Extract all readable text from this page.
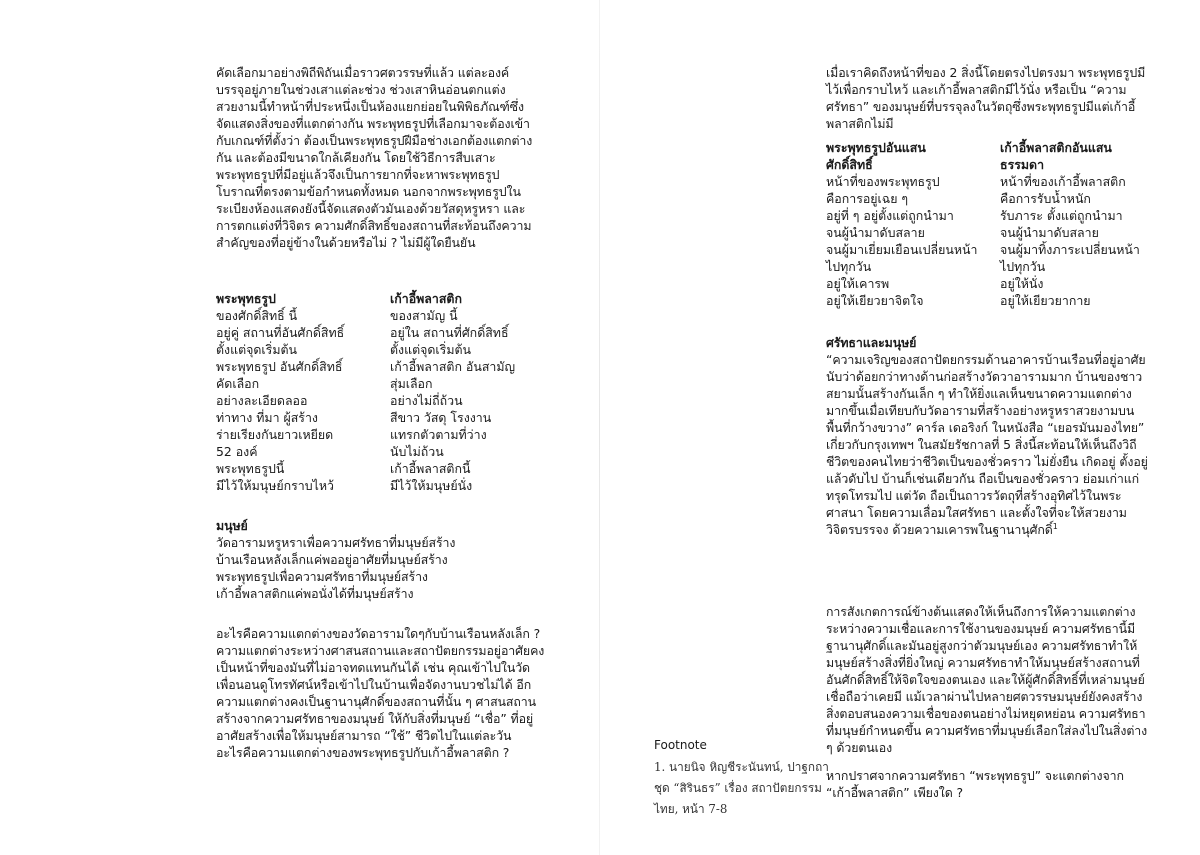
คัดเลือกมาอย่างพิถีพิถันเมื่อราวศตวรรษที่แล้ว แต่ละองค์บรรจุอยู่ภายในช่วงเสาแต่ละช่วง ช่วงเสาหินอ่อนตกแต่งสวยงามนี้ทำหน้าที่ประหนึ่งเป็นห้องแยกย่อยในพิพิธภัณฑ์ซึ่งจัดแสดงสิ่งของที่แตกต่างกัน พระพุทธรูปที่เลือกมาจะต้องเข้ากับเกณฑ์ที่ตั้งว่า ต้องเป็นพระพุทธรูปฝีมือช่างเอกต้องแตกต่างกัน และต้องมีขนาดใกล้เคียงกัน โดยใช้วิธีการสืบเสาะพระพุทธรูปที่มีอยู่แล้วจึงเป็นการยากที่จะหาพระพุทธรูปโบราณที่ตรงตามข้อกำหนดทั้งหมด นอกจากพระพุทธรูปในระเบียงห้องแสดงยังนี้จัดแสดงตัวมันเองด้วยวัสดุหรูหรา และการตกแต่งที่วิจิตร ความศักดิ์สิทธิ์ของสถานที่สะท้อนถึงความสำคัญของที่อยู่ข้างในด้วยหรือไม่ ? ไม่มีผู้ใดยืนยัน

พระพุทธรูป
ของศักดิ์สิทธิ์ นี้
อยู่คู่ สถานที่อันศักดิ์สิทธิ์
ตั้งแต่จุดเริ่มต้น
พระพุทธรูป อันศักดิ์สิทธิ์
คัดเลือก
อย่างละเอียดลออ
ท่าทาง ที่มา ผู้สร้าง
ร่ายเรียงกันยาวเหยียด
52 องค์
พระพุทธรูปนี้
มีไว้ให้มนุษย์กราบไหว้
เก้าอี้พลาสติก
ของสามัญ นี้
อยู่ใน สถานที่ศักดิ์สิทธิ์
ตั้งแต่จุดเริ่มต้น
เก้าอี้พลาสติก อันสามัญ
สุ่มเลือก
อย่างไม่ถี่ถ้วน
สีขาว วัสดุ โรงงาน
แทรกตัวตามที่ว่าง
นับไม่ถ้วน
เก้าอี้พลาสติกนี้
มีไว้ให้มนุษย์นั่ง

มนุษย์

วัดอารามหรูหราเพื่อความศรัทธาที่มนุษย์สร้าง

บ้านเรือนหลังเล็กแค่พออยู่อาศัยที่มนุษย์สร้าง

พระพุทธรูปเพื่อความศรัทธาที่มนุษย์สร้าง

เก้าอี้พลาสติกแค่พอนั่งได้ที่มนุษย์สร้าง

อะไรคือความแตกต่างของวัดอารามใดๆกับบ้านเรือนหลังเล็ก ?

ความแตกต่างระหว่างศาสนสถานและสถาปัตยกรรมอยู่อาศัยคงเป็นหน้าที่ของมันที่ไม่อาจทดแทนกันได้ เช่น คุณเข้าไปในวัดเพื่อนอนดูโทรทัศน์หรือเข้าไปในบ้านเพื่อจัดงานบวชไม่ได้ อีกความแตกต่างคงเป็นฐานานุศักดิ์ของสถานที่นั้น ๆ ศาสนสถานสร้างจากความศรัทธาของมนุษย์ ให้กับสิ่งที่มนุษย์ “เชื่อ” ที่อยู่อาศัยสร้างเพื่อให้มนุษย์สามารถ “ใช้” ชีวิตไปในแต่ละวัน

อะไรคือความแตกต่างของพระพุทธรูปกับเก้าอี้พลาสติก ?

เมื่อเราคิดถึงหน้าที่ของ 2 สิ่งนี้โดยตรงไปตรงมา พระพุทธรูปมีไว้เพื่อกราบไหว้ และเก้าอี้พลาสติกมีไว้นั่ง หรือเป็น “ความศรัทธา” ของมนุษย์ที่บรรจุลงในวัตถุซึ่งพระพุทธรูปมีแต่เก้าอี้พลาสติกไม่มี

พระพุทธรูปอันแสน
ศักดิ์สิทธิ์
หน้าที่ของพระพุทธรูป
คือการอยู่เฉย ๆ
อยู่ที่ ๆ อยู่ตั้งแต่ถูกนำมา
จนผู้นำมาดับสลาย
จนผู้มาเยี่ยมเยือนเปลี่ยนหน้า
ไปทุกวัน
อยู่ให้เคารพ
อยู่ให้เยียวยาจิตใจ
เก้าอี้พลาสติกอันแสน
ธรรมดา
หน้าที่ของเก้าอี้พลาสติก
คือการรับน้ำหนัก
รับภาระ ตั้งแต่ถูกนำมา
จนผู้นำมาดับสลาย
จนผู้มาทิ้งภาระเปลี่ยนหน้า
ไปทุกวัน
อยู่ให้นั่ง
อยู่ให้เยียวยากาย

ศรัทธาและมนุษย์

“ความเจริญของสถาปัตยกรรมด้านอาคารบ้านเรือนที่อยู่อาศัยนับว่าด้อยกว่าทางด้านก่อสร้างวัดวาอารามมาก บ้านของชาวสยามนั้นสร้างกันเล็ก ๆ ทำให้ยิ่งแลเห็นขนาดความแตกต่างมากขึ้นเมื่อเทียบกับวัดอารามที่สร้างอย่างหรูหราสวยงามบนพื้นที่กว้างขวาง” คาร์ล เดอริงก์ ในหนังสือ “เยอรมันมองไทย” เกี่ยวกับกรุงเทพฯ ในสมัยรัชกาลที่ 5 สิ่งนี้สะท้อนให้เห็นถึงวิถีชีวิตของคนไทยว่าชีวิตเป็นของชั่วคราว ไม่ยั่งยืน เกิดอยู่ ตั้งอยู่ แล้วดับไป บ้านก็เช่นเดียวกัน ถือเป็นของชั่วคราว ย่อมเก่าแก่ทรุดโทรมไป แต่วัด ถือเป็นถาวรวัตถุที่สร้างอุทิศไว้ในพระศาสนา โดยความเลื่อมใสศรัทธา และตั้งใจที่จะให้สวยงามวิจิตรบรรจง ด้วยความเคารพในฐานานุศักดิ์$^1$

การสังเกตการณ์ข้างต้นแสดงให้เห็นถึงการให้ความแตกต่างระหว่างความเชื่อและการใช้งานของมนุษย์ ความศรัทธานี้มีฐานานุศักดิ์และมันอยู่สูงกว่าตัวมนุษย์เอง ความศรัทธาทำให้มนุษย์สร้างสิ่งที่ยิ่งใหญ่ ความศรัทธาทำให้มนุษย์สร้างสถานที่อันศักดิ์สิทธิ์ให้จิตใจของตนเอง และให้ผู้ศักดิ์สิทธิ์ที่เหล่ามนุษย์เชื่อถือว่าเคยมี แม้เวลาผ่านไปหลายศตวรรษมนุษย์ยังคงสร้างสิ่งตอบสนองความเชื่อของตนอย่างไม่หยุดหย่อน ความศรัทธาที่มนุษย์กำหนดขึ้น ความศรัทธาที่มนุษย์เลือกใส่ลงไปในสิ่งต่าง ๆ ด้วยตนเอง

หากปราศจากความศรัทธา “พระพุทธรูป” จะแตกต่างจาก “เก้าอี้พลาสติก” เพียงใด ?

Footnote
1. นายนิจ หิญชีระนันทน์, ปาฐกถา ชุด “สิรินธร” เรื่อง สถาปัตยกรรมไทย, หน้า 7-8
